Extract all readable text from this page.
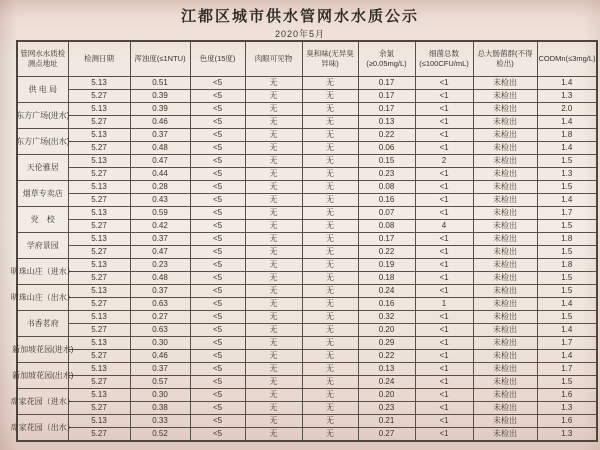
江都区城市供水管网水水质公示
2020年5月
管网水水质检测点地址	检测日期	浑浊度(≤1NTU)	色度(15度)	肉眼可见物	臭和味(无异臭异味)	余氯(≥0.05mg/L)	细菌总数(≤100CFU/mL)	总大肠菌群(不得检出)	CODMn(≤3mg/L)

供 电 局	5.13	0.51	<5	无	无	0.17	<1	未检出	1.4
	5.27	0.39	<5	无	无	0.17	<1	未检出	1.3

东方广场(进水)	5.13	0.39	<5	无	无	0.17	<1	未检出	2.0
	5.27	0.46	<5	无	无	0.13	<1	未检出	1.4

东方广场(出水)	5.13	0.37	<5	无	无	0.22	<1	未检出	1.8
	5.27	0.48	<5	无	无	0.06	<1	未检出	1.4

天伦雅居	5.13	0.47	<5	无	无	0.15	2	未检出	1.5
	5.27	0.44	<5	无	无	0.23	<1	未检出	1.3

烟草专卖店	5.13	0.28	<5	无	无	0.08	<1	未检出	1.5
	5.27	0.43	<5	无	无	0.16	<1	未检出	1.4

党　校	5.13	0.59	<5	无	无	0.07	<1	未检出	1.7
	5.27	0.42	<5	无	无	0.08	4	未检出	1.5

学府景园	5.13	0.37	<5	无	无	0.17	<1	未检出	1.8
	5.27	0.47	<5	无	无	0.22	<1	未检出	1.5

明珠山庄（进水）	5.13	0.23	<5	无	无	0.19	<1	未检出	1.8
	5.27	0.48	<5	无	无	0.18	<1	未检出	1.5

明珠山庄（出水）	5.13	0.37	<5	无	无	0.24	<1	未检出	1.5
	5.27	0.63	<5	无	无	0.16	1	未检出	1.4

书香茗府	5.13	0.27	<5	无	无	0.32	<1	未检出	1.5
	5.27	0.63	<5	无	无	0.20	<1	未检出	1.4

新加坡花园(进水)	5.13	0.30	<5	无	无	0.29	<1	未检出	1.7
	5.27	0.46	<5	无	无	0.22	<1	未检出	1.4

新加坡花园(出水)	5.13	0.37	<5	无	无	0.13	<1	未检出	1.7
	5.27	0.57	<5	无	无	0.24	<1	未检出	1.5

席家花园（进水）	5.13	0.30	<5	无	无	0.20	<1	未检出	1.6
	5.27	0.38	<5	无	无	0.23	<1	未检出	1.3

席家花园（出水）	5.13	0.33	<5	无	无	0.21	<1	未检出	1.6
	5.27	0.52	<5	无	无	0.27	<1	未检出	1.3
